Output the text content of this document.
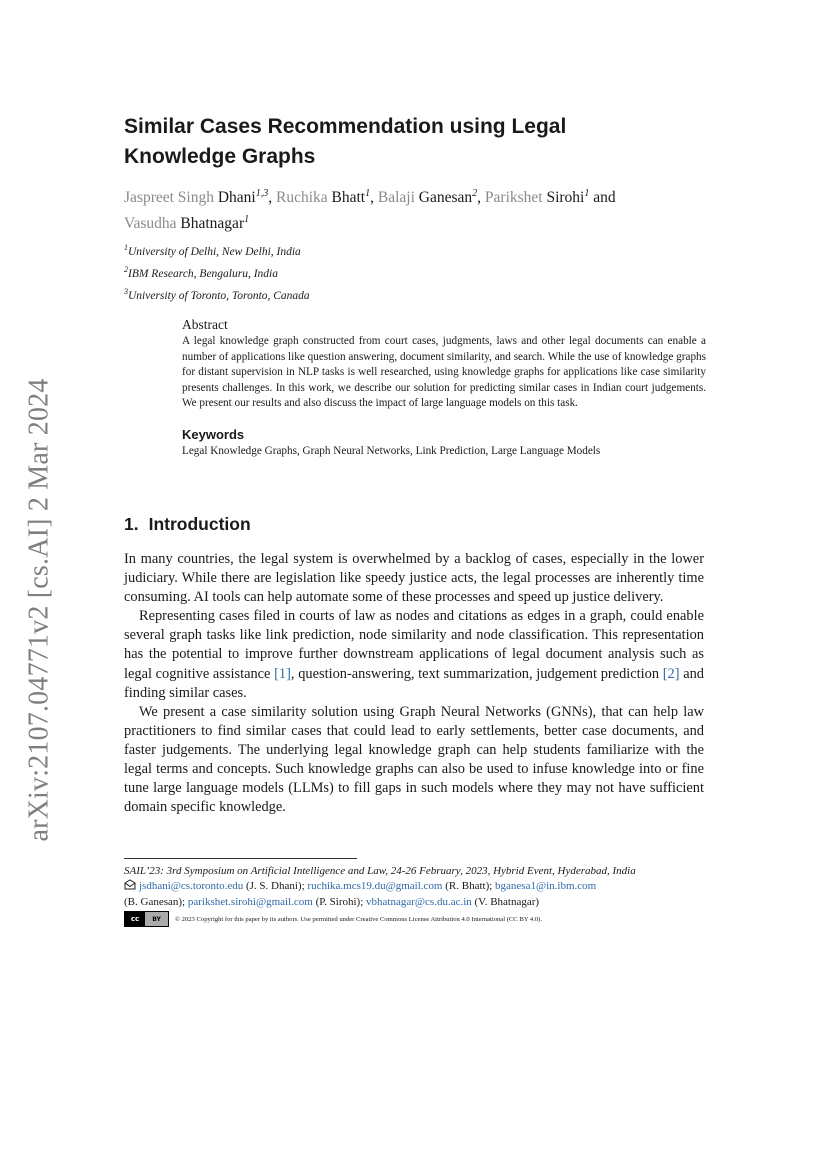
arXiv:2107.04771v2 [cs.AI] 2 Mar 2024
Similar Cases Recommendation using Legal
Knowledge Graphs
Jaspreet Singh Dhani$^{1,3}$, Ruchika Bhatt$^1$, Balaji Ganesan$^2$, Parikshet Sirohi$^1$ and
Vasudha Bhatnagar$^1$
$^1$University of Delhi, New Delhi, India
$^2$IBM Research, Bengaluru, India
$^3$University of Toronto, Toronto, Canada
Abstract
A legal knowledge graph constructed from court cases, judgments, laws and other legal documents can enable a number of applications like question answering, document similarity, and search. While the use of knowledge graphs for distant supervision in NLP tasks is well researched, using knowledge graphs for applications like case similarity presents challenges. In this work, we describe our solution for predicting similar cases in Indian court judgements. We present our results and also discuss the impact of large language models on this task.
Keywords
Legal Knowledge Graphs, Graph Neural Networks, Link Prediction, Large Language Models
1. Introduction

In many countries, the legal system is overwhelmed by a backlog of cases, especially in the lower judiciary. While there are legislation like speedy justice acts, the legal processes are inherently time consuming. AI tools can help automate some of these processes and speed up justice delivery.

Representing cases filed in courts of law as nodes and citations as edges in a graph, could enable several graph tasks like link prediction, node similarity and node classification. This representation has the potential to improve further downstream applications of legal document analysis such as legal cognitive assistance [1], question-answering, text summarization, judgement prediction [2] and finding similar cases.

We present a case similarity solution using Graph Neural Networks (GNNs), that can help law practitioners to find similar cases that could lead to early settlements, better case documents, and faster judgements. The underlying legal knowledge graph can help students familiarize with the legal terms and concepts. Such knowledge graphs can also be used to infuse knowledge into or fine tune large language models (LLMs) to fill gaps in such models where they may not have sufficient domain specific knowledge.

SAIL’23: 3rd Symposium on Artificial Intelligence and Law, 24-26 February, 2023, Hybrid Event, Hyderabad, India
jsdhani@cs.toronto.edu (J. S. Dhani); ruchika.mcs19.du@gmail.com (R. Bhatt); bganesa1@in.ibm.com
(B. Ganesan); parikshet.sirohi@gmail.com (P. Sirohi); vbhatnagar@cs.du.ac.in (V. Bhatnagar)
cc BY © 2023 Copyright for this paper by its authors. Use permitted under Creative Commons License Attribution 4.0 International (CC BY 4.0).
